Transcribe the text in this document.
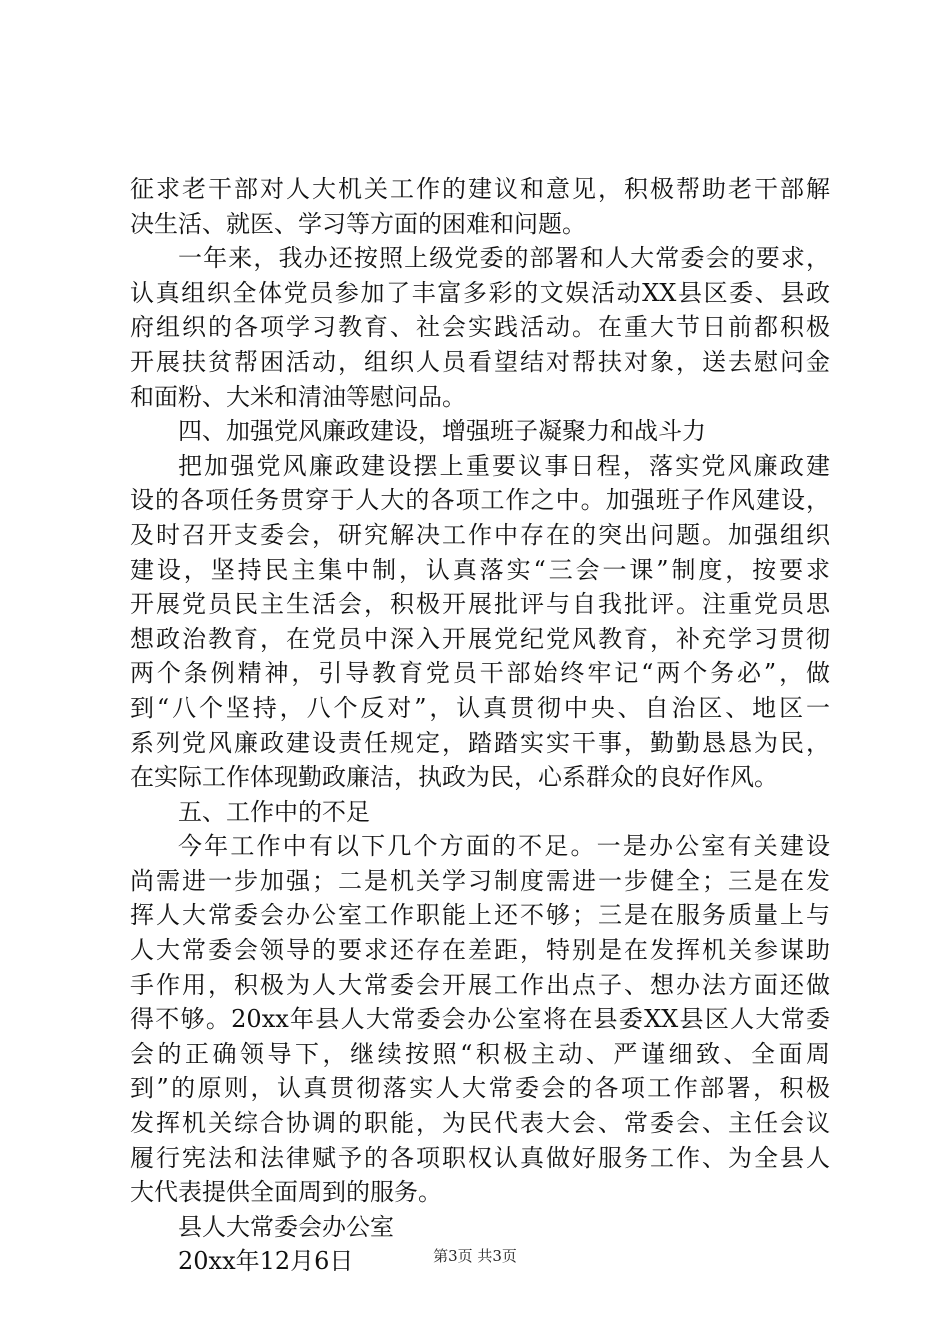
征求老干部对人大机关工作的建议和意见，积极帮助老干部解
决生活、就医、学习等方面的困难和问题。
一年来，我办还按照上级党委的部署和人大常委会的要求，
认真组织全体党员参加了丰富多彩的文娱活动XX县区委、县政
府组织的各项学习教育、社会实践活动。在重大节日前都积极
开展扶贫帮困活动，组织人员看望结对帮扶对象，送去慰问金
和面粉、大米和清油等慰问品。
四、加强党风廉政建设，增强班子凝聚力和战斗力
把加强党风廉政建设摆上重要议事日程，落实党风廉政建
设的各项任务贯穿于人大的各项工作之中。加强班子作风建设，
及时召开支委会，研究解决工作中存在的突出问题。加强组织
建设，坚持民主集中制，认真落实“三会一课”制度，按要求
开展党员民主生活会，积极开展批评与自我批评。注重党员思
想政治教育，在党员中深入开展党纪党风教育，补充学习贯彻
两个条例精神，引导教育党员干部始终牢记“两个务必”，做
到“八个坚持，八个反对”，认真贯彻中央、自治区、地区一
系列党风廉政建设责任规定，踏踏实实干事，勤勤恳恳为民，
在实际工作体现勤政廉洁，执政为民，心系群众的良好作风。
五、工作中的不足
今年工作中有以下几个方面的不足。一是办公室有关建设
尚需进一步加强；二是机关学习制度需进一步健全；三是在发
挥人大常委会办公室工作职能上还不够；三是在服务质量上与
人大常委会领导的要求还存在差距，特别是在发挥机关参谋助
手作用，积极为人大常委会开展工作出点子、想办法方面还做
得不够。20xx年县人大常委会办公室将在县委XX县区人大常委
会的正确领导下，继续按照“积极主动、严谨细致、全面周
到”的原则，认真贯彻落实人大常委会的各项工作部署，积极
发挥机关综合协调的职能，为民代表大会、常委会、主任会议
履行宪法和法律赋予的各项职权认真做好服务工作、为全县人
大代表提供全面周到的服务。
县人大常委会办公室
20xx年12月6日	第3页 共3页
